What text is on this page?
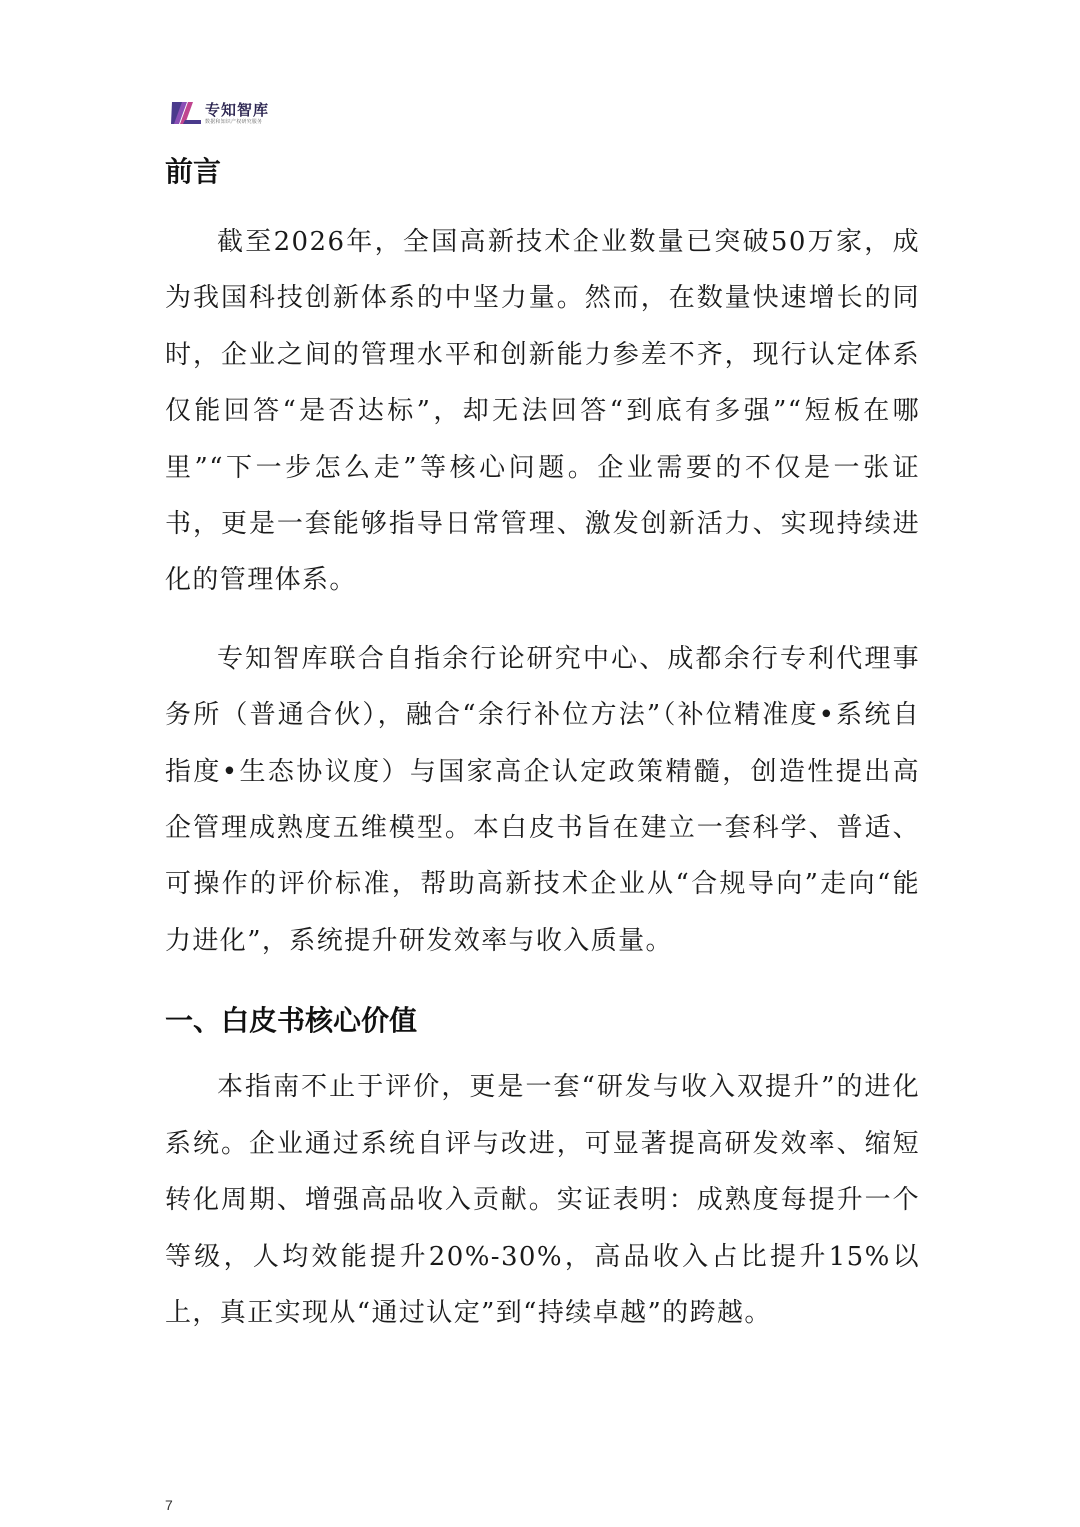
专知智库
数据和知识产权研究服务
前言

截至2026年，全国高新技术企业数量已突破50万家，成为我国科技创新体系的中坚力量。然而，在数量快速增长的同时，企业之间的管理水平和创新能力参差不齐，现行认定体系仅能回答“是否达标”，却无法回答“到底有多强”“短板在哪里”“下一步怎么走”等核心问题。企业需要的不仅是一张证书，更是一套能够指导日常管理、激发创新活力、实现持续进化的管理体系。

专知智库联合自指余行论研究中心、成都余行专利代理事务所（普通合伙），融合“余行补位方法”（补位精准度•系统自指度•生态协议度）与国家高企认定政策精髓，创造性提出高企管理成熟度五维模型。本白皮书旨在建立一套科学、普适、可操作的评价标准，帮助高新技术企业从“合规导向”走向“能力进化”，系统提升研发效率与收入质量。

一、白皮书核心价值

本指南不止于评价，更是一套“研发与收入双提升”的进化系统。企业通过系统自评与改进，可显著提高研发效率、缩短转化周期、增强高品收入贡献。实证表明：成熟度每提升一个等级，人均效能提升20%-30%，高品收入占比提升15%以上，真正实现从“通过认定”到“持续卓越”的跨越。

7
